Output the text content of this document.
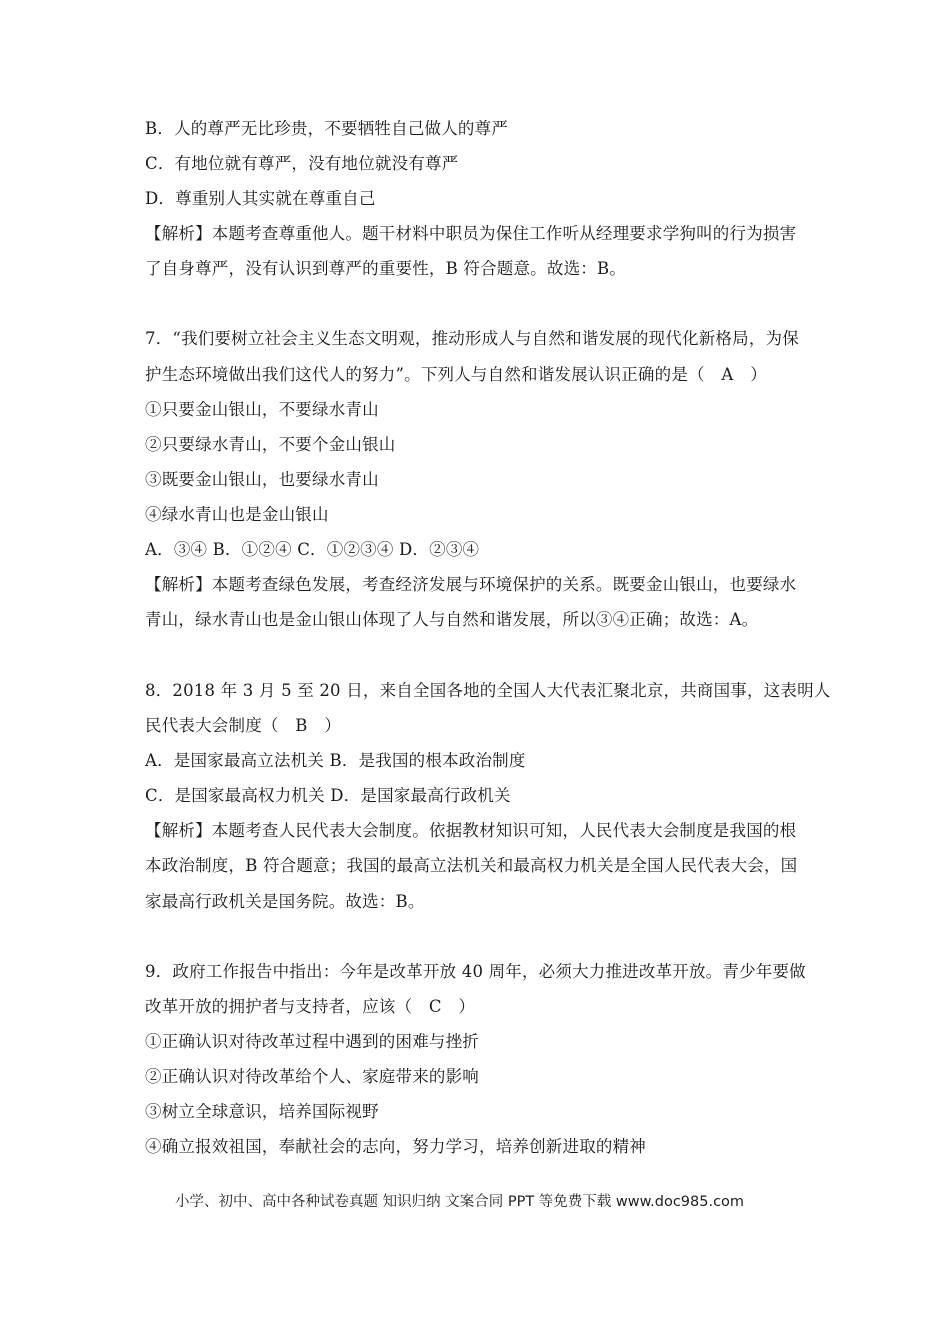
B．人的尊严无比珍贵，不要牺牲自己做人的尊严
C．有地位就有尊严，没有地位就没有尊严
D．尊重别人其实就在尊重自己
【解析】本题考查尊重他人。题干材料中职员为保住工作听从经理要求学狗叫的行为损害
了自身尊严，没有认识到尊严的重要性，B 符合题意。故选：B。
7．“我们要树立社会主义生态文明观，推动形成人与自然和谐发展的现代化新格局，为保
护生态环境做出我们这代人的努力”。下列人与自然和谐发展认识正确的是（　A　）
①只要金山银山，不要绿水青山
②只要绿水青山，不要个金山银山
③既要金山银山，也要绿水青山
④绿水青山也是金山银山
A．③④ B．①②④ C．①②③④ D．②③④
【解析】本题考查绿色发展，考查经济发展与环境保护的关系。既要金山银山，也要绿水
青山，绿水青山也是金山银山体现了人与自然和谐发展，所以③④正确；故选：A。
8．2018 年 3 月 5 至 20 日，来自全国各地的全国人大代表汇聚北京，共商国事，这表明人
民代表大会制度（　B　）
A．是国家最高立法机关 B．是我国的根本政治制度
C．是国家最高权力机关 D．是国家最高行政机关
【解析】本题考查人民代表大会制度。依据教材知识可知，人民代表大会制度是我国的根
本政治制度，B 符合题意；我国的最高立法机关和最高权力机关是全国人民代表大会，国
家最高行政机关是国务院。故选：B。
9．政府工作报告中指出：今年是改革开放 40 周年，必须大力推进改革开放。青少年要做
改革开放的拥护者与支持者，应该（　C　）
①正确认识对待改革过程中遇到的困难与挫折
②正确认识对待改革给个人、家庭带来的影响
③树立全球意识，培养国际视野
④确立报效祖国，奉献社会的志向，努力学习，培养创新进取的精神
小学、初中、高中各种试卷真题 知识归纳 文案合同 PPT 等免费下载 www.doc985.com
